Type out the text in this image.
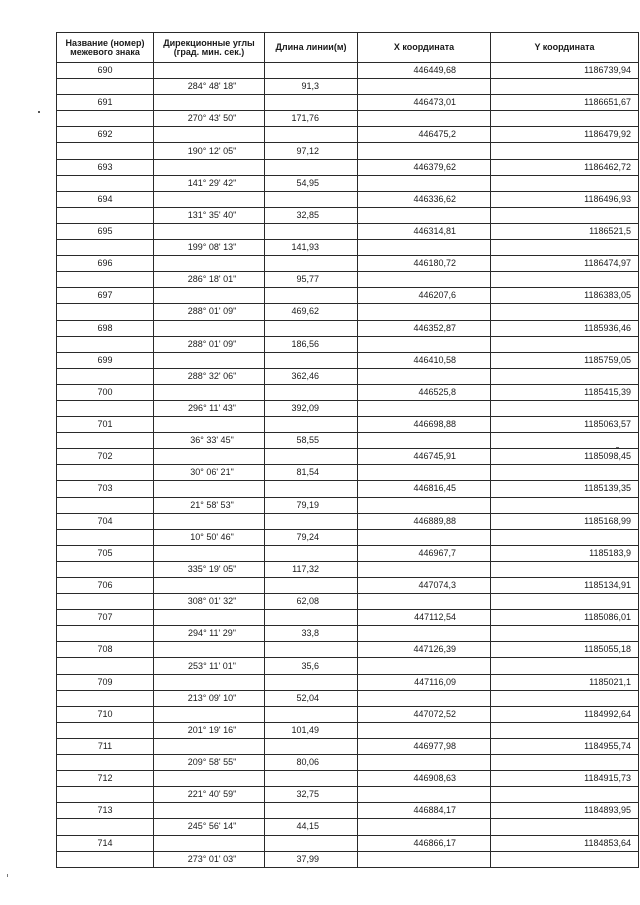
Название (номер) межевого знака	Дирекционные углы (град. мин. сек.)	Длина линии(м)	X координата	Y координата
690			446449,68	1186739,94
	284° 48' 18"	91,3		
691			446473,01	1186651,67
	270° 43' 50"	171,76		
692			446475,2	1186479,92
	190° 12' 05"	97,12		
693			446379,62	1186462,72
	141° 29' 42"	54,95		
694			446336,62	1186496,93
	131° 35' 40"	32,85		
695			446314,81	1186521,5
	199° 08' 13"	141,93		
696			446180,72	1186474,97
	286° 18' 01"	95,77		
697			446207,6	1186383,05
	288° 01' 09"	469,62		
698			446352,87	1185936,46
	288° 01' 09"	186,56		
699			446410,58	1185759,05
	288° 32' 06"	362,46		
700			446525,8	1185415,39
	296° 11' 43"	392,09		
701			446698,88	1185063,57
	36° 33' 45"	58,55		
702			446745,91	1185098,45
	30° 06' 21"	81,54		
703			446816,45	1185139,35
	21° 58' 53"	79,19		
704			446889,88	1185168,99
	10° 50' 46"	79,24		
705			446967,7	1185183,9
	335° 19' 05"	117,32		
706			447074,3	1185134,91
	308° 01' 32"	62,08		
707			447112,54	1185086,01
	294° 11' 29"	33,8		
708			447126,39	1185055,18
	253° 11' 01"	35,6		
709			447116,09	1185021,1
	213° 09' 10"	52,04		
710			447072,52	1184992,64
	201° 19' 16"	101,49		
711			446977,98	1184955,74
	209° 58' 55"	80,06		
712			446908,63	1184915,73
	221° 40' 59"	32,75		
713			446884,17	1184893,95
	245° 56' 14"	44,15		
714			446866,17	1184853,64
	273° 01' 03"	37,99		
